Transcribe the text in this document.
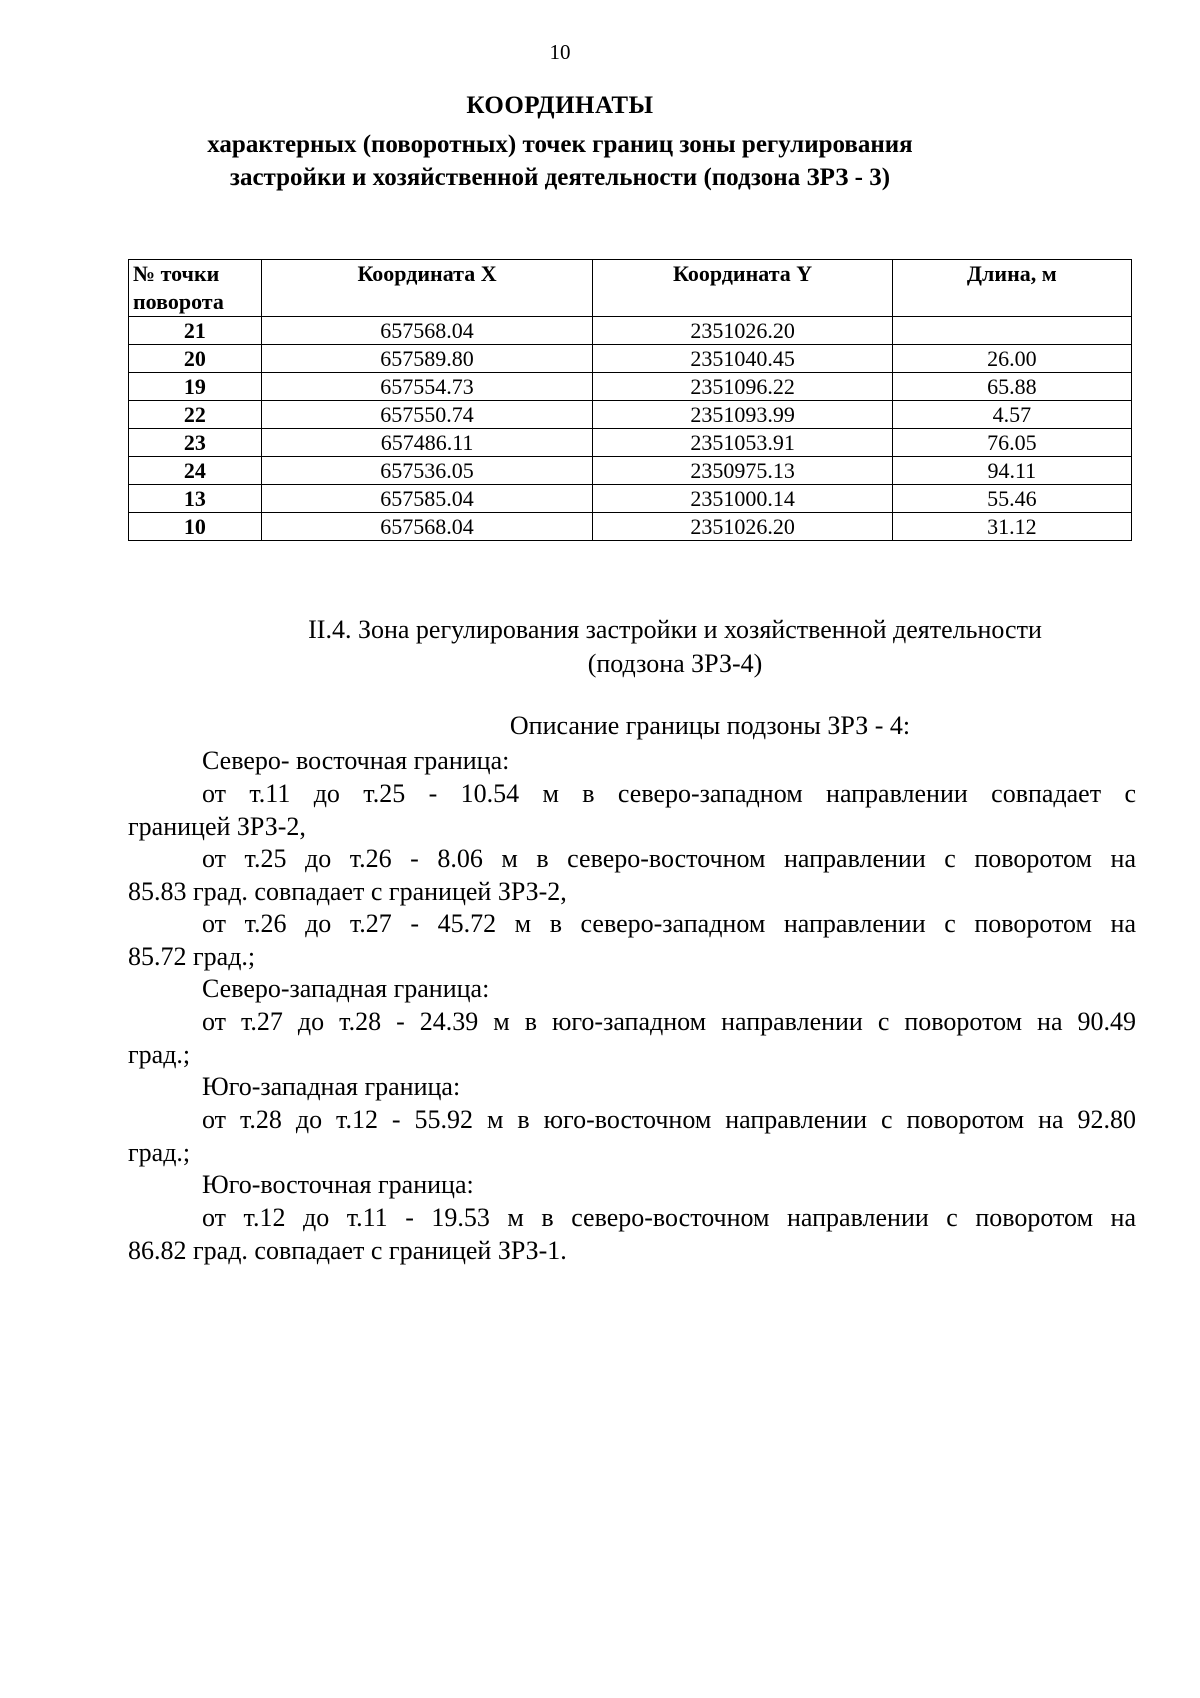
10
КООРДИНАТЫ
характерных (поворотных) точек границ зоны регулирования
застройки и хозяйственной деятельности (подзона ЗРЗ - 3)
№ точки
поворота	Координата X	Координата Y	Длина, м
21	657568.04	2351026.20	
20	657589.80	2351040.45	26.00
19	657554.73	2351096.22	65.88
22	657550.74	2351093.99	4.57
23	657486.11	2351053.91	76.05
24	657536.05	2350975.13	94.11
13	657585.04	2351000.14	55.46
10	657568.04	2351026.20	31.12
II.4. Зона регулирования застройки и хозяйственной деятельности
(подзона ЗРЗ-4)
Описание границы подзоны ЗРЗ - 4:
Северо- восточная граница:
от т.11 до т.25 - 10.54 м в северо-западном направлении совпадает с
границей ЗРЗ-2,
от т.25 до т.26 - 8.06 м в северо-восточном направлении с поворотом на
85.83 град. совпадает с границей ЗРЗ-2,
от т.26 до т.27 - 45.72 м в северо-западном направлении с поворотом на
85.72 град.;
Северо-западная граница:
от т.27 до т.28 - 24.39 м в юго-западном направлении с поворотом на 90.49
град.;
Юго-западная граница:
от т.28 до т.12 - 55.92 м в юго-восточном направлении с поворотом на 92.80
град.;
Юго-восточная граница:
от т.12 до т.11 - 19.53 м в северо-восточном направлении с поворотом на
86.82 град. совпадает с границей ЗРЗ-1.
